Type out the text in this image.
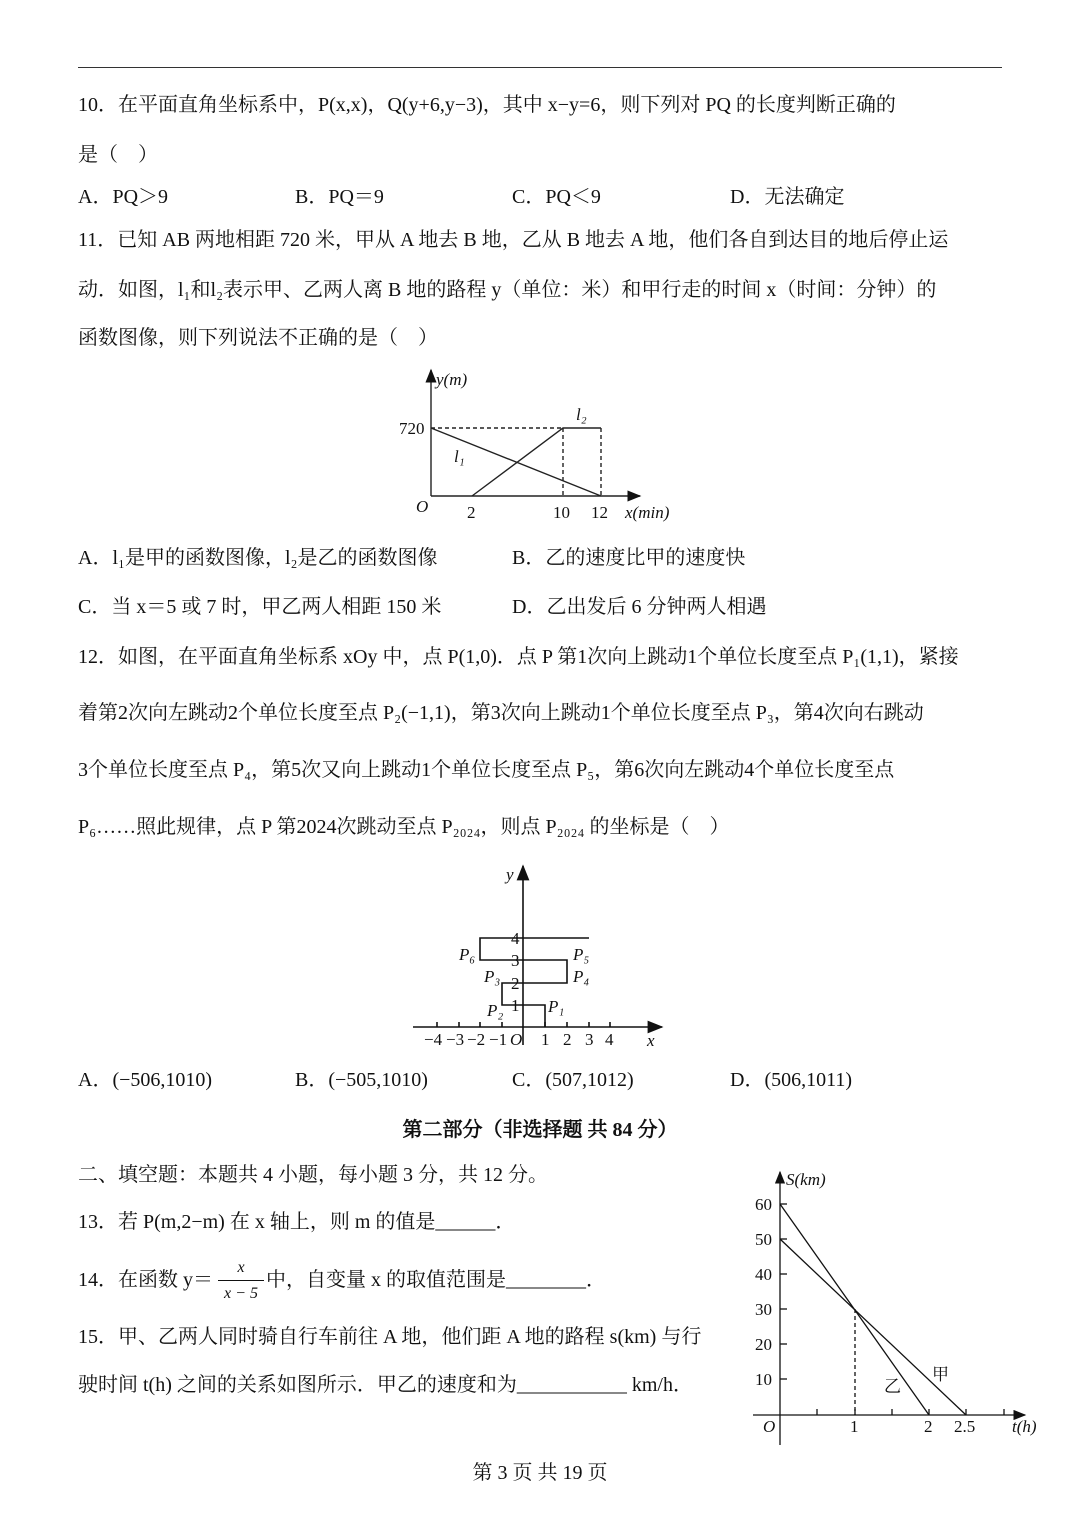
10．在平面直角坐标系中，P(x,x)，Q(y+6,y−3)，其中 x−y=6，则下列对 PQ 的长度判断正确的
是（　）
A．PQ＞9	B．PQ＝9	C．PQ＜9	D．无法确定
11．已知 AB 两地相距 720 米，甲从 A 地去 B 地，乙从 B 地去 A 地，他们各自到达目的地后停止运
动．如图，l₁和l₂表示甲、乙两人离 B 地的路程 y（单位：米）和甲行走的时间 x（时间：分钟）的
函数图像，则下列说法不正确的是（　）
A．l₁是甲的函数图像，l₂是乙的函数图像	B．乙的速度比甲的速度快
C．当 x＝5 或 7 时，甲乙两人相距 150 米	D．乙出发后 6 分钟两人相遇
12．如图，在平面直角坐标系 xOy 中，点 P(1,0)．点 P 第1次向上跳动1个单位长度至点 P₁(1,1)，紧接
着第2次向左跳动2个单位长度至点 P₂(−1,1)，第3次向上跳动1个单位长度至点 P₃，第4次向右跳动
3个单位长度至点 P₄，第5次又向上跳动1个单位长度至点 P₅，第6次向左跳动4个单位长度至点
P₆……照此规律，点 P 第2024次跳动至点 P₂₀₂₄，则点 P₂₀₂₄ 的坐标是（　）
A．(−506,1010)	B．(−505,1010)	C．(507,1012)	D．(506,1011)
第二部分（非选择题 共 84 分）
二、填空题：本题共 4 小题，每小题 3 分，共 12 分。
13．若 P(m,2−m) 在 x 轴上，则 m 的值是______．
14．在函数 y＝
x
x − 5
中，自变量 x 的取值范围是________．
15．甲、乙两人同时骑自行车前往 A 地，他们距 A 地的路程 s(km) 与行
驶时间 t(h) 之间的关系如图所示．甲乙的速度和为___________ km/h．
第 3 页 共 19 页
y(m)
x(min)
O
720
2	10 12
l₁
l₂
y
x
O
−4 −3 −2 −1 1 2 3 4
1
2
3
4
P₁
P₂
P₃	P₄
P₅
P₆
S(km)
t(h)
O
60
50
40
30
20
10
1	2 2.5
甲
乙
